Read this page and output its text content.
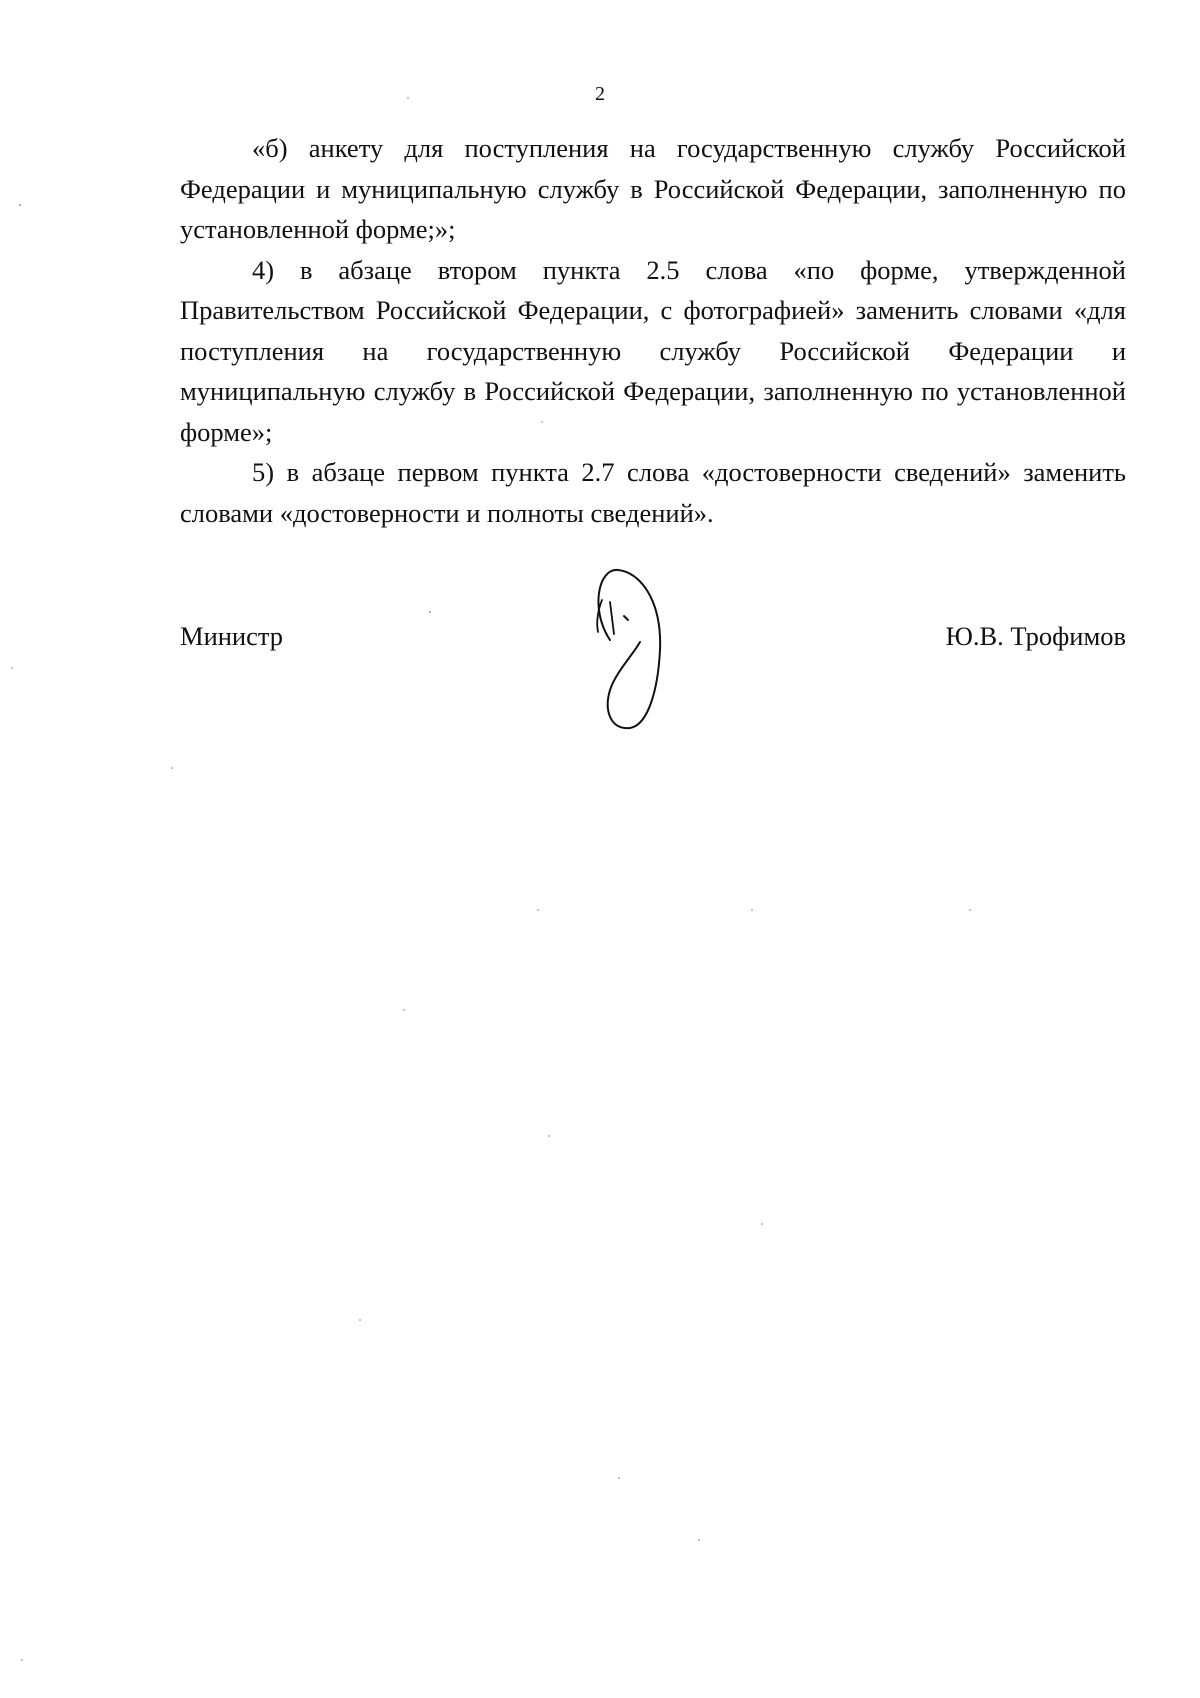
2

«б) анкету для поступления на государственную службу Российской Федерации и муниципальную службу в Российской Федерации, заполненную по установленной форме;»;

4) в абзаце втором пункта 2.5 слова «по форме, утвержденной Правительством Российской Федерации, с фотографией» заменить словами «для поступления на государственную службу Российской Федерации и муниципальную службу в Российской Федерации, заполненную по установленной форме»;

5) в абзаце первом пункта 2.7 слова «достоверности сведений» заменить словами «достоверности и полноты сведений».

Министр	Ю.В. Трофимов
